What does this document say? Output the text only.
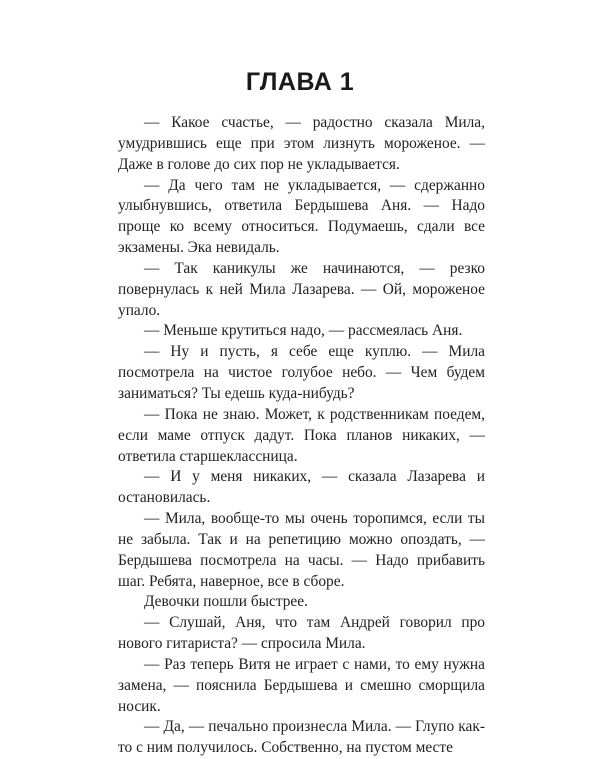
ГЛАВА 1

— Какое счастье, — радостно сказала Мила, умудрившись еще при этом лизнуть мороженое. — Даже в голове до сих пор не укладывается.

— Да чего там не укладывается, — сдержанно улыбнувшись, ответила Бердышева Аня. — Надо проще ко всему относиться. Подумаешь, сдали все экзамены. Эка невидаль.

— Так каникулы же начинаются, — резко повернулась к ней Мила Лазарева. — Ой, мороженое упало.

— Меньше крутиться надо, — рассмеялась Аня.

— Ну и пусть, я себе еще куплю. — Мила посмотрела на чистое голубое небо. — Чем будем заниматься? Ты едешь куда-нибудь?

— Пока не знаю. Может, к родственникам поедем, если маме отпуск дадут. Пока планов никаких, — ответила старшеклассница.

— И у меня никаких, — сказала Лазарева и остановилась.

— Мила, вообще-то мы очень торопимся, если ты не забыла. Так и на репетицию можно опоздать, — Бердышева посмотрела на часы. — Надо прибавить шаг. Ребята, наверное, все в сборе.

Девочки пошли быстрее.

— Слушай, Аня, что там Андрей говорил про нового гитариста? — спросила Мила.

— Раз теперь Витя не играет с нами, то ему нужна замена, — пояснила Бердышева и смешно сморщила носик.

— Да, — печально произнесла Мила. — Глупо как-то с ним получилось. Собственно, на пустом месте
